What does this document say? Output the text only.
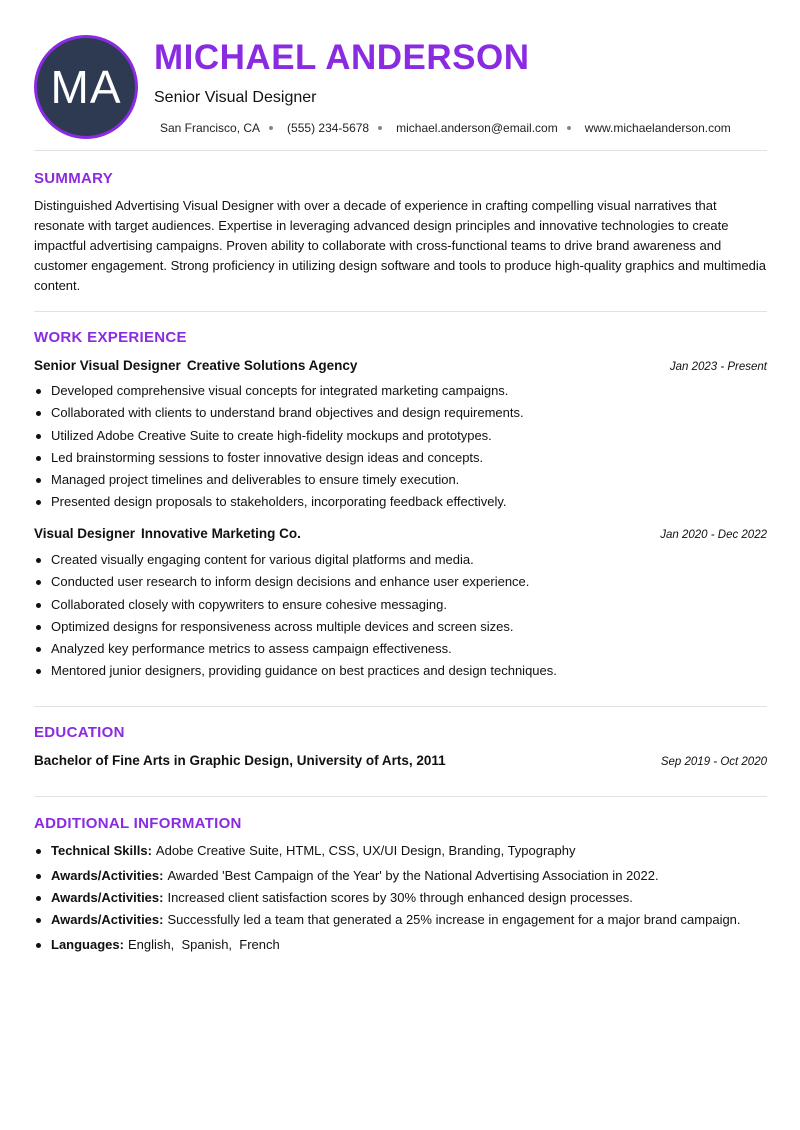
MA
MICHAEL ANDERSON
Senior Visual Designer
San Francisco, CA (555) 234-5678 michael.anderson@email.com www.michaelanderson.com
SUMMARY
Distinguished Advertising Visual Designer with over a decade of experience in crafting compelling visual narratives that resonate with target audiences. Expertise in leveraging advanced design principles and innovative technologies to create impactful advertising campaigns. Proven ability to collaborate with cross-functional teams to drive brand awareness and customer engagement. Strong proficiency in utilizing design software and tools to produce high-quality graphics and multimedia content.
WORK EXPERIENCE
Senior Visual Designer Creative Solutions Agency	Jan 2023 - Present
Developed comprehensive visual concepts for integrated marketing campaigns.
Collaborated with clients to understand brand objectives and design requirements.
Utilized Adobe Creative Suite to create high-fidelity mockups and prototypes.
Led brainstorming sessions to foster innovative design ideas and concepts.
Managed project timelines and deliverables to ensure timely execution.
Presented design proposals to stakeholders, incorporating feedback effectively.
Visual Designer Innovative Marketing Co.	Jan 2020 - Dec 2022
Created visually engaging content for various digital platforms and media.
Conducted user research to inform design decisions and enhance user experience.
Collaborated closely with copywriters to ensure cohesive messaging.
Optimized designs for responsiveness across multiple devices and screen sizes.
Analyzed key performance metrics to assess campaign effectiveness.
Mentored junior designers, providing guidance on best practices and design techniques.
EDUCATION
Bachelor of Fine Arts in Graphic Design, University of Arts, 2011	Sep 2019 - Oct 2020
ADDITIONAL INFORMATION
Technical Skills: Adobe Creative Suite, HTML, CSS, UX/UI Design, Branding, Typography
Awards/Activities: Awarded 'Best Campaign of the Year' by the National Advertising Association in 2022.
Awards/Activities: Increased client satisfaction scores by 30% through enhanced design processes.
Awards/Activities: Successfully led a team that generated a 25% increase in engagement for a major brand campaign.
Languages: English,  Spanish,  French
